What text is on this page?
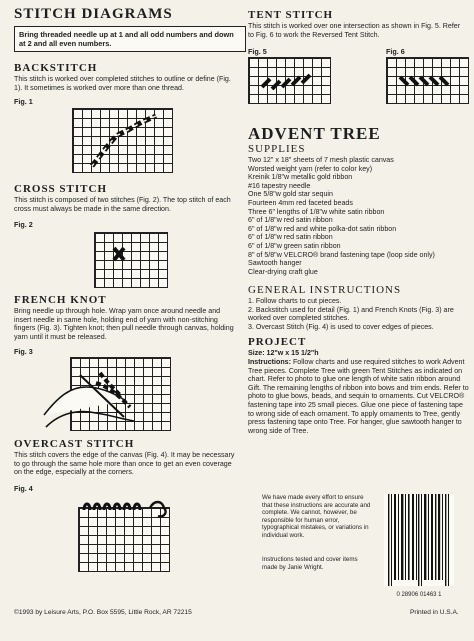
STITCH DIAGRAMS
Bring threaded needle up at 1 and all odd numbers and down at 2 and all even numbers.
BACKSTITCH
This stitch is worked over completed stitches to outline or define (Fig. 1). It sometimes is worked over more than one thread.
Fig. 1
CROSS STITCH
This stitch is composed of two stitches (Fig. 2). The top stitch of each cross must always be made in the same direction.
Fig. 2
FRENCH KNOT
Bring needle up through hole. Wrap yarn once around needle and insert needle in same hole, holding end of yarn with non-stitching fingers (Fig. 3). Tighten knot; then pull needle through canvas, holding yarn until it must be released.
Fig. 3
OVERCAST STITCH
This stitch covers the edge of the canvas (Fig. 4). It may be necessary to go through the same hole more than once to get an even coverage on the edge, especially at the corners.
Fig. 4
©1993 by Leisure Arts, P.O. Box 5595, Little Rock, AR 72215
TENT STITCH
This stitch is worked over one intersection as shown in Fig. 5. Refer to Fig. 6 to work the Reversed Tent Stitch.
Fig. 5	Fig. 6
ADVENT TREE
SUPPLIES
Two 12" x 18" sheets of 7 mesh plastic canvas
Worsted weight yarn (refer to color key)
Kreinik 1/8"w metallic gold ribbon
#16 tapestry needle
One 5/8"w gold star sequin
Fourteen 4mm red faceted beads
Three 6" lengths of 1/8"w white satin ribbon
6" of 1/8"w red satin ribbon
6" of 1/8"w red and white polka-dot satin ribbon
6" of 1/8"w red satin ribbon
6" of 1/8"w green satin ribbon
8" of 5/8"w VELCRO® brand fastening tape (loop side only)
Sawtooth hanger
Clear-drying craft glue
GENERAL INSTRUCTIONS
1. Follow charts to cut pieces.
2. Backstitch used for detail (Fig. 1) and French Knots (Fig. 3) are worked over completed stitches.
3. Overcast Stitch (Fig. 4) is used to cover edges of pieces.
PROJECT
Size: 12"w x 15 1/2"h
Instructions: Follow charts and use required stitches to work Advent Tree pieces. Complete Tree with green Tent Stitches as indicated on chart. Refer to photo to glue one length of white satin ribbon around Gift. The remaining lengths of ribbon into bows and trim ends. Refer to photo to glue bows, beads, and sequin to ornaments. Cut VELCRO® fastening tape into 25 small pieces. Glue one piece of fastening tape to wrong side of each ornament. To apply ornaments to Tree, gently press fastening tape onto Tree. For hanger, glue sawtooth hanger to wrong side of Tree.
We have made every effort to ensure that these instructions are accurate and complete. We cannot, however, be responsible for human error, typographical mistakes, or variations in individual work.
Instructions tested and cover items made by Janie Wright.
0 28906 01463 1
Printed in U.S.A.
